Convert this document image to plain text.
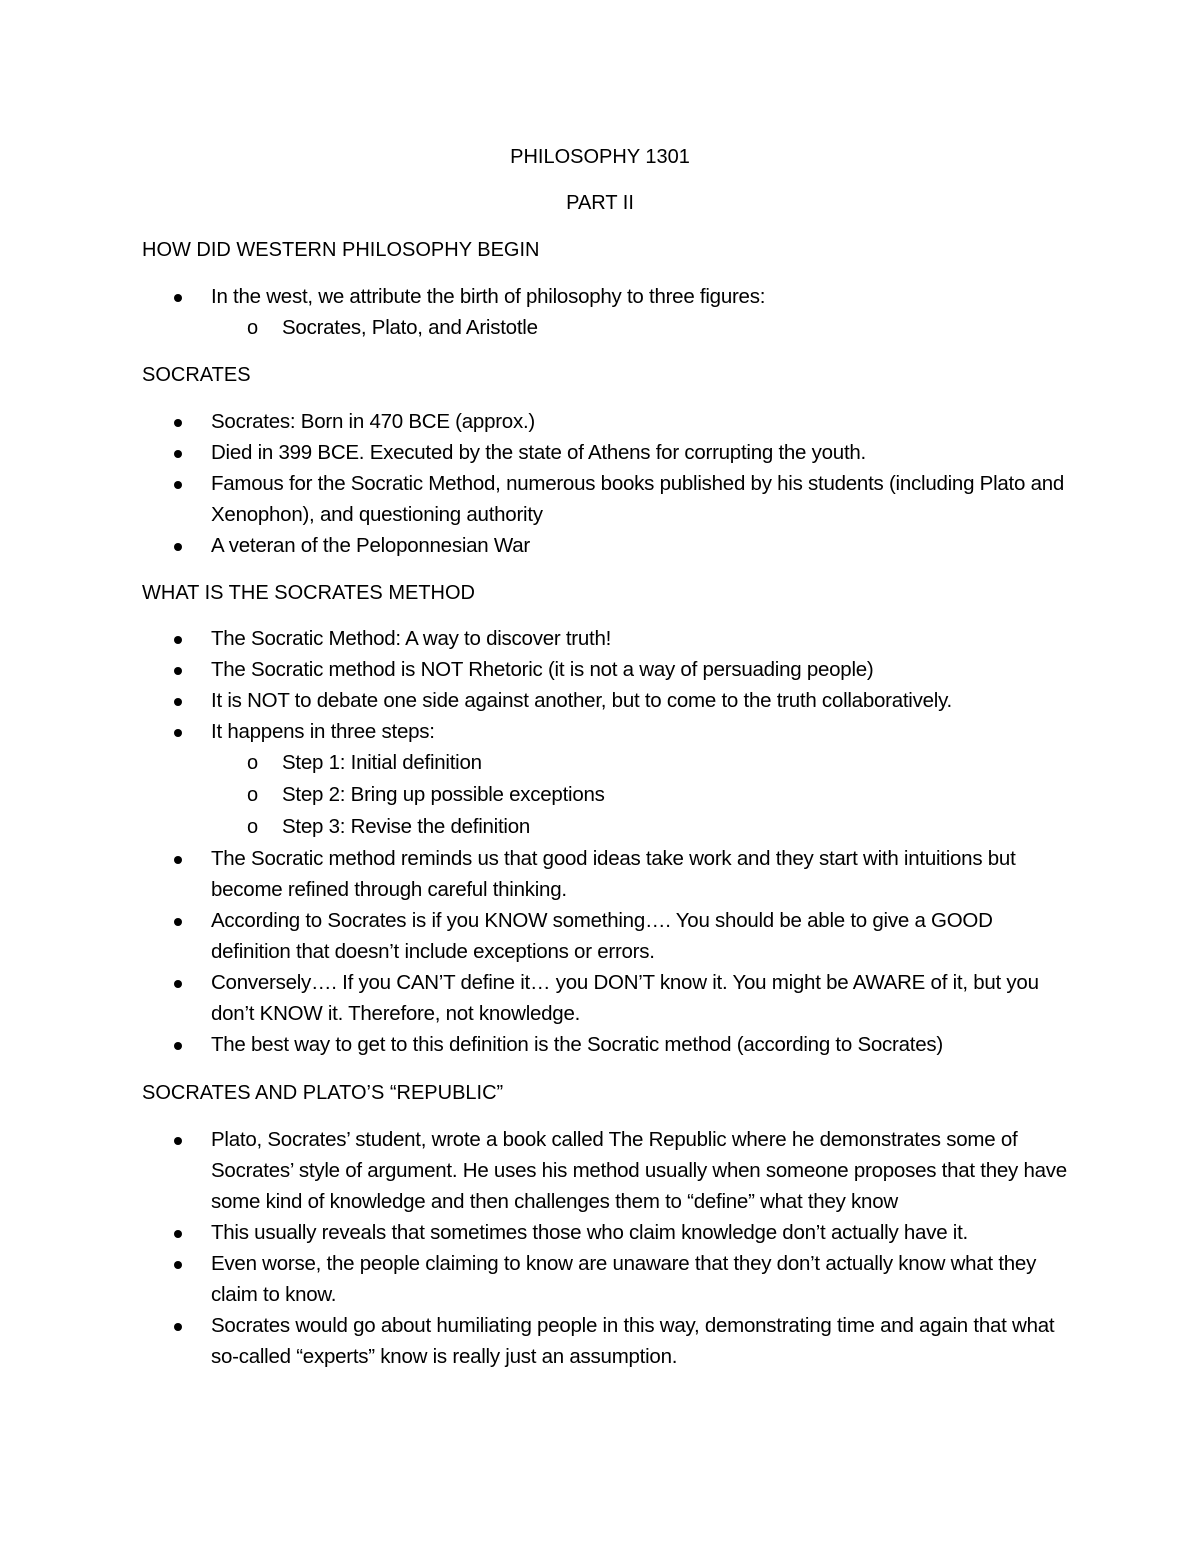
PHILOSOPHY 1301
PART II
HOW DID WESTERN PHILOSOPHY BEGIN
In the west, we attribute the birth of philosophy to three figures:
o Socrates, Plato, and Aristotle
SOCRATES
Socrates: Born in 470 BCE (approx.)
Died in 399 BCE. Executed by the state of Athens for corrupting the youth.
Famous for the Socratic Method, numerous books published by his students (including Plato and Xenophon), and questioning authority
A veteran of the Peloponnesian War
WHAT IS THE SOCRATES METHOD
The Socratic Method: A way to discover truth!
The Socratic method is NOT Rhetoric (it is not a way of persuading people)
It is NOT to debate one side against another, but to come to the truth collaboratively.
It happens in three steps:
o Step 1: Initial definition
o Step 2: Bring up possible exceptions
o Step 3: Revise the definition
The Socratic method reminds us that good ideas take work and they start with intuitions but become refined through careful thinking.
According to Socrates is if you KNOW something…. You should be able to give a GOOD definition that doesn’t include exceptions or errors.
Conversely…. If you CAN’T define it… you DON’T know it. You might be AWARE of it, but you don’t KNOW it. Therefore, not knowledge.
The best way to get to this definition is the Socratic method (according to Socrates)
SOCRATES AND PLATO’S “REPUBLIC”
Plato, Socrates’ student, wrote a book called The Republic where he demonstrates some of Socrates’ style of argument. He uses his method usually when someone proposes that they have some kind of knowledge and then challenges them to “define” what they know
This usually reveals that sometimes those who claim knowledge don’t actually have it.
Even worse, the people claiming to know are unaware that they don’t actually know what they claim to know.
Socrates would go about humiliating people in this way, demonstrating time and again that what so-called “experts” know is really just an assumption.
